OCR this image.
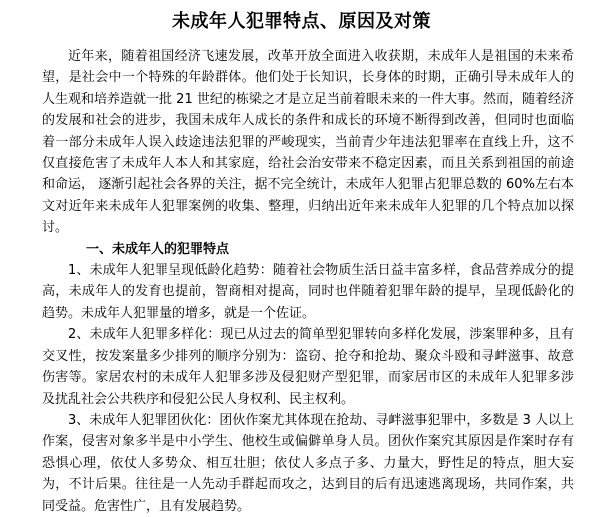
未成年人犯罪特点、原因及对策

近年来，随着祖国经济飞速发展，改革开放全面进入收获期，未成年人是祖国的未来希望，是社会中一个特殊的年龄群体。他们处于长知识，长身体的时期，正确引导未成年人的人生观和培养造就一批 21 世纪的栋梁之才是立足当前着眼未来的一件大事。然而，随着经济的发展和社会的进步，我国未成年人成长的条件和成长的环境不断得到改善，但同时也面临着一部分未成年人误入歧途违法犯罪的严峻现实，当前青少年违法犯罪率在直线上升，这不仅直接危害了未成年人本人和其家庭，给社会治安带来不稳定因素，而且关系到祖国的前途和命运， 逐渐引起社会各界的关注，据不完全统计，未成年人犯罪占犯罪总数的 60%左右本文对近年来未成年人犯罪案例的收集、整理，归纳出近年来未成年人犯罪的几个特点加以探讨。

一、未成年人的犯罪特点

1、未成年人犯罪呈现低龄化趋势：随着社会物质生活日益丰富多样，食品营养成分的提高，未成年人的发育也提前，智商相对提高，同时也伴随着犯罪年龄的提早，呈现低龄化的趋势。未成年人犯罪量的增多，就是一个佐证。

2、未成年人犯罪多样化：现已从过去的简单型犯罪转向多样化发展，涉案罪种多，且有交叉性，按发案量多少排列的顺序分别为：盗窃、抢夺和抢劫、聚众斗殴和寻衅滋事、故意伤害等。家居农村的未成年人犯罪多涉及侵犯财产型犯罪，而家居市区的未成年人犯罪多涉及扰乱社会公共秩序和侵犯公民人身权利、民主权利。

3、未成年人犯罪团伙化：团伙作案尤其体现在抢劫、寻衅滋事犯罪中，多数是 3 人以上作案，侵害对象多半是中小学生、他校生或偏僻单身人员。团伙作案究其原因是作案时存有恐惧心理，依仗人多势众、相互壮胆；依仗人多点子多、力量大，野性足的特点，胆大妄为，不计后果。往往是一人先动手群起而攻之，达到目的后有迅速逃离现场，共同作案，共同受益。危害性广，且有发展趋势。
